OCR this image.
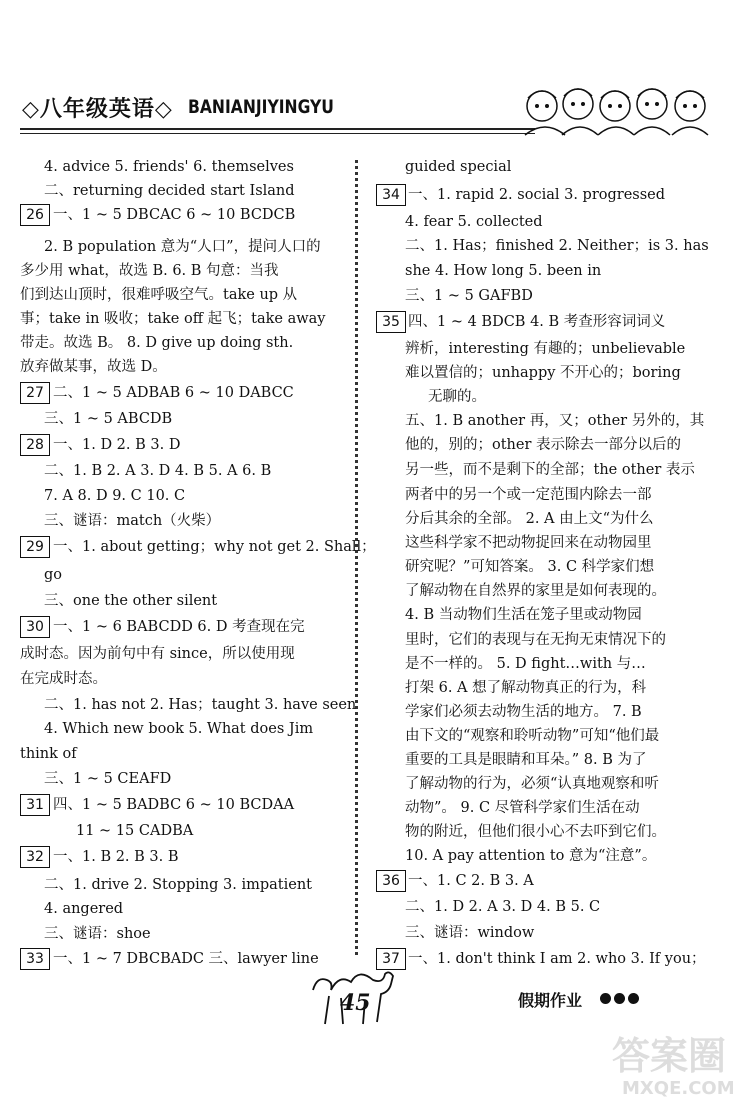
◇八年级英语◇ BANIANJIYINGYU
4. advice 5. friends' 6. themselves
二、returning decided start Island
26 一、1 ~ 5 DBCAC 6 ~ 10 BCDCB
2. B population 意为“人口”，提问人口的
多少用 what，故选 B. 6. B 句意：当我
们到达山顶时，很难呼吸空气。take up 从
事；take in 吸收；take off 起飞；take away
带走。故选 B。 8. D give up doing sth.
放弃做某事，故选 D。
27 二、1 ~ 5 ADBAB 6 ~ 10 DABCC
三、1 ~ 5 ABCDB
28 一、1. D 2. B 3. D
二、1. B 2. A 3. D 4. B 5. A 6. B
7. A 8. D 9. C 10. C
三、谜语：match（火柴）
29 一、1. about getting；why not get 2. Shall；
go
三、one the other silent
30 一、1 ~ 6 BABCDD 6. D 考查现在完
成时态。因为前句中有 since，所以使用现
在完成时态。
二、1. has not 2. Has；taught 3. have seen
4. Which new book 5. What does Jim
think of
三、1 ~ 5 CEAFD
31 四、1 ~ 5 BADBC 6 ~ 10 BCDAA
11 ~ 15 CADBA
32 一、1. B 2. B 3. B
二、1. drive 2. Stopping 3. impatient
4. angered
三、谜语：shoe
33 一、1 ~ 7 DBCBADC 三、lawyer line
guided special
34 一、1. rapid 2. social 3. progressed
4. fear 5. collected
二、1. Has；finished 2. Neither；is 3. has
she 4. How long 5. been in
三、1 ~ 5 GAFBD
35 四、1 ~ 4 BDCB 4. B 考查形容词词义
辨析，interesting 有趣的；unbelievable
难以置信的；unhappy 不开心的；boring
无聊的。
五、1. B another 再，又；other 另外的，其
他的，别的；other 表示除去一部分以后的
另一些，而不是剩下的全部；the other 表示
两者中的另一个或一定范围内除去一部
分后其余的全部。 2. A 由上文“为什么
这些科学家不把动物捉回来在动物园里
研究呢？”可知答案。 3. C 科学家们想
了解动物在自然界的家里是如何表现的。
4. B 当动物们生活在笼子里或动物园
里时，它们的表现与在无拘无束情况下的
是不一样的。 5. D fight…with 与…
打架 6. A 想了解动物真正的行为，科
学家们必须去动物生活的地方。 7. B
由下文的“观察和聆听动物”可知“他们最
重要的工具是眼睛和耳朵。” 8. B 为了
了解动物的行为，必须“认真地观察和听
动物”。 9. C 尽管科学家们生活在动
物的附近，但他们很小心不去吓到它们。
10. A pay attention to 意为“注意”。
36 一、1. C 2. B 3. A
二、1. D 2. A 3. D 4. B 5. C
三、谜语：window
37 一、1. don't think I am 2. who 3. If you；
45	假期作业
答案圈
MXQE.COM
